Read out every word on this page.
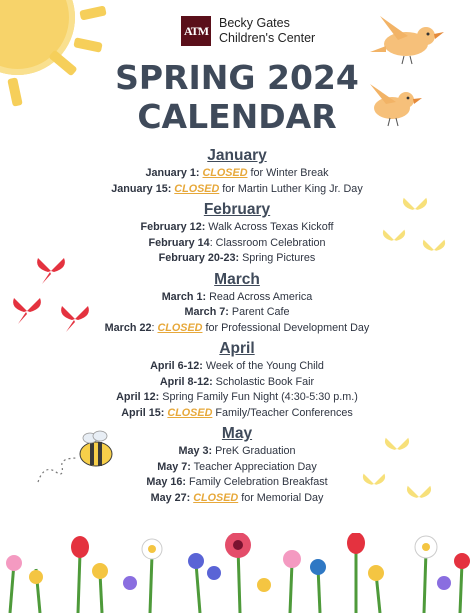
ATM
Becky Gates
Children's Center
SPRING 2024
CALENDAR
January
January 1: CLOSED for Winter Break
January 15: CLOSED for Martin Luther King Jr. Day
February
February 12: Walk Across Texas Kickoff
February 14: Classroom Celebration
February 20-23: Spring Pictures
March
March 1: Read Across America
March 7: Parent Cafe
March 22: CLOSED for Professional Development Day
April
April 6-12: Week of the Young Child
April 8-12: Scholastic Book Fair
April 12: Spring Family Fun Night (4:30-5:30 p.m.)
April 15: CLOSED Family/Teacher Conferences
May
May 3: PreK Graduation
May 7: Teacher Appreciation Day
May 16: Family Celebration Breakfast
May 27: CLOSED for Memorial Day
